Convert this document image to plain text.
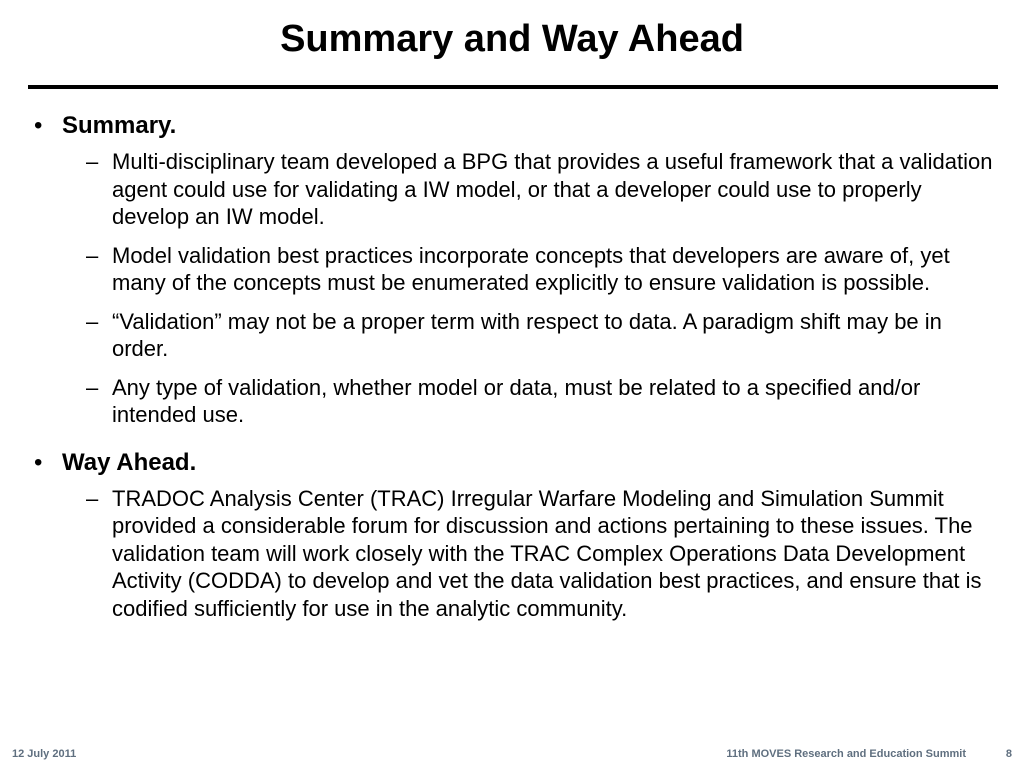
Summary and Way Ahead
• Summary.
– Multi-disciplinary team developed a BPG that provides a useful framework that a validation agent could use for validating a IW model, or that a developer could use to properly develop an IW model.
– Model validation best practices incorporate concepts that developers are aware of, yet many of the concepts must be enumerated explicitly to ensure validation is possible.
– “Validation” may not be a proper term with respect to data. A paradigm shift may be in order.
– Any type of validation, whether model or data, must be related to a specified and/or intended use.
• Way Ahead.
– TRADOC Analysis Center (TRAC) Irregular Warfare Modeling and Simulation Summit provided a considerable forum for discussion and actions pertaining to these issues. The validation team will work closely with the TRAC Complex Operations Data Development Activity (CODDA) to develop and vet the data validation best practices, and ensure that is codified sufficiently for use in the analytic community.
12 July 2011	11th MOVES Research and Education Summit	8
